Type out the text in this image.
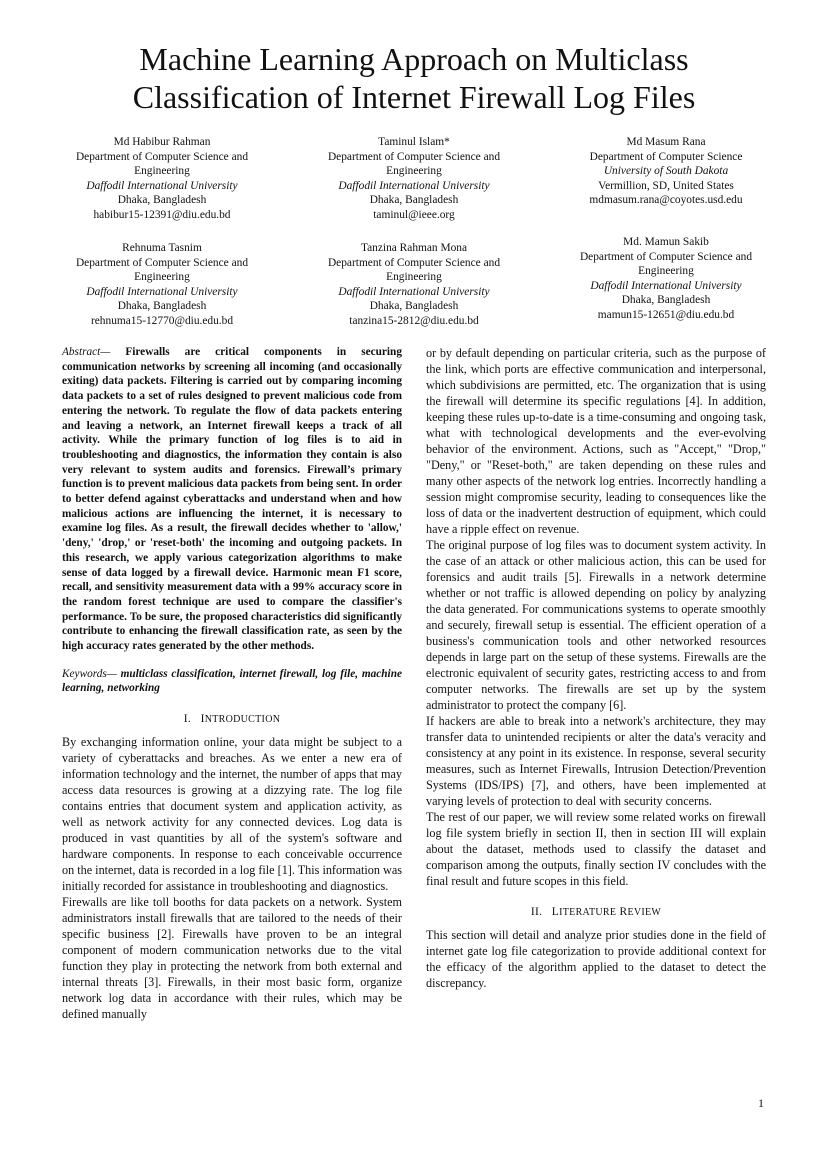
Machine Learning Approach on Multiclass
Classification of Internet Firewall Log Files
Md Habibur Rahman
Department of Computer Science and
Engineering
Daffodil International University
Dhaka, Bangladesh
habibur15-12391@diu.edu.bd
Taminul Islam*
Department of Computer Science and
Engineering
Daffodil International University
Dhaka, Bangladesh
taminul@ieee.org
Md Masum Rana
Department of Computer Science
University of South Dakota
Vermillion, SD, United States
mdmasum.rana@coyotes.usd.edu
Rehnuma Tasnim
Department of Computer Science and
Engineering
Daffodil International University
Dhaka, Bangladesh
rehnuma15-12770@diu.edu.bd
Tanzina Rahman Mona
Department of Computer Science and
Engineering
Daffodil International University
Dhaka, Bangladesh
tanzina15-2812@diu.edu.bd
Md. Mamun Sakib
Department of Computer Science and
Engineering
Daffodil International University
Dhaka, Bangladesh
mamun15-12651@diu.edu.bd

Abstract— Firewalls are critical components in securing communication networks by screening all incoming (and occasionally exiting) data packets. Filtering is carried out by comparing incoming data packets to a set of rules designed to prevent malicious code from entering the network. To regulate the flow of data packets entering and leaving a network, an Internet firewall keeps a track of all activity. While the primary function of log files is to aid in troubleshooting and diagnostics, the information they contain is also very relevant to system audits and forensics. Firewall’s primary function is to prevent malicious data packets from being sent. In order to better defend against cyberattacks and understand when and how malicious actions are influencing the internet, it is necessary to examine log files. As a result, the firewall decides whether to 'allow,' 'deny,' 'drop,' or 'reset-both' the incoming and outgoing packets. In this research, we apply various categorization algorithms to make sense of data logged by a firewall device. Harmonic mean F1 score, recall, and sensitivity measurement data with a 99% accuracy score in the random forest technique are used to compare the classifier's performance. To be sure, the proposed characteristics did significantly contribute to enhancing the firewall classification rate, as seen by the high accuracy rates generated by the other methods.

Keywords— multiclass classification, internet firewall, log file, machine learning, networking

I. INTRODUCTION

By exchanging information online, your data might be subject to a variety of cyberattacks and breaches. As we enter a new era of information technology and the internet, the number of apps that may access data resources is growing at a dizzying rate. The log file contains entries that document system and application activity, as well as network activity for any connected devices. Log data is produced in vast quantities by all of the system's software and hardware components. In response to each conceivable occurrence on the internet, data is recorded in a log file [1]. This information was initially recorded for assistance in troubleshooting and diagnostics.

Firewalls are like toll booths for data packets on a network. System administrators install firewalls that are tailored to the needs of their specific business [2]. Firewalls have proven to be an integral component of modern communication networks due to the vital function they play in protecting the network from both external and internal threats [3]. Firewalls, in their most basic form, organize network log data in accordance with their rules, which may be defined manually

or by default depending on particular criteria, such as the purpose of the link, which ports are effective communication and interpersonal, which subdivisions are permitted, etc. The organization that is using the firewall will determine its specific regulations [4]. In addition, keeping these rules up-to-date is a time-consuming and ongoing task, what with technological developments and the ever-evolving behavior of the environment. Actions, such as "Accept," "Drop," "Deny," or "Reset-both," are taken depending on these rules and many other aspects of the network log entries. Incorrectly handling a session might compromise security, leading to consequences like the loss of data or the inadvertent destruction of equipment, which could have a ripple effect on revenue.

The original purpose of log files was to document system activity. In the case of an attack or other malicious action, this can be used for forensics and audit trails [5]. Firewalls in a network determine whether or not traffic is allowed depending on policy by analyzing the data generated. For communications systems to operate smoothly and securely, firewall setup is essential. The efficient operation of a business's communication tools and other networked resources depends in large part on the setup of these systems. Firewalls are the electronic equivalent of security gates, restricting access to and from computer networks. The firewalls are set up by the system administrator to protect the company [6].

If hackers are able to break into a network's architecture, they may transfer data to unintended recipients or alter the data's veracity and consistency at any point in its existence. In response, several security measures, such as Internet Firewalls, Intrusion Detection/Prevention Systems (IDS/IPS) [7], and others, have been implemented at varying levels of protection to deal with security concerns.

The rest of our paper, we will review some related works on firewall log file system briefly in section II, then in section III will explain about the dataset, methods used to classify the dataset and comparison among the outputs, finally section IV concludes with the final result and future scopes in this field.

II. LITERATURE REVIEW

This section will detail and analyze prior studies done in the field of internet gate log file categorization to provide additional context for the efficacy of the algorithm applied to the dataset to detect the discrepancy.

1
